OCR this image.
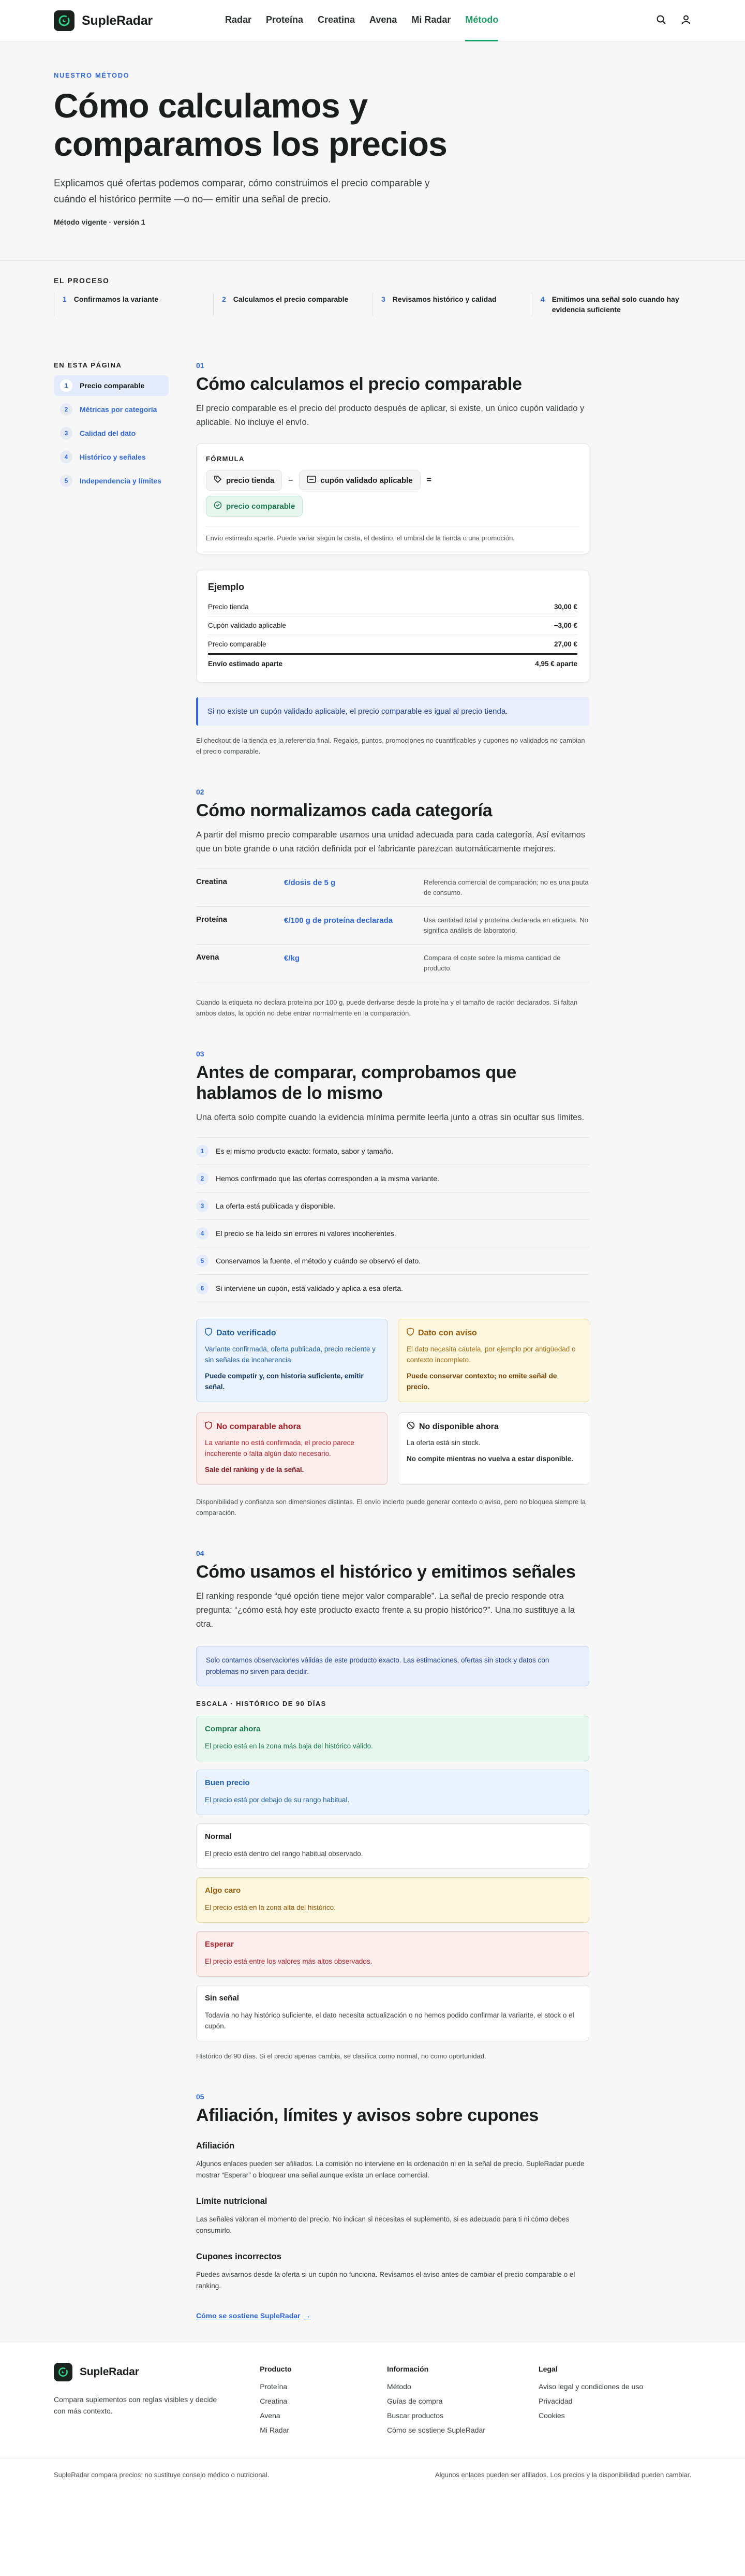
SupleRadar	Radar Proteína Creatina Avena Mi Radar Método
NUESTRO MÉTODO
Cómo calculamos y comparamos los precios

Explicamos qué ofertas podemos comparar, cómo construimos el precio comparable y cuándo el histórico permite —o no— emitir una señal de precio.

Método vigente · versión 1

EL PROCESO
1 Confirmamos la variante	2 Calculamos el precio comparable	3 Revisamos histórico y calidad	4 Emitimos una señal solo cuando hay evidencia suficiente
EN ESTA PÁGINA
1	Precio comparable
2	Métricas por categoría
3	Calidad del dato
4	Histórico y señales
5	Independencia y límites
01
Cómo calculamos el precio comparable

El precio comparable es el precio del producto después de aplicar, si existe, un único cupón validado y aplicable. No incluye el envío.

FÓRMULA
precio tienda –	cupón validado aplicable =
precio comparable

Envío estimado aparte. Puede variar según la cesta, el destino, el umbral de la tienda o una promoción.

Ejemplo
Precio tienda	30,00 €
Cupón validado aplicable	−3,00 €
Precio comparable	27,00 €
Envío estimado aparte	4,95 € aparte
Si no existe un cupón validado aplicable, el precio comparable es igual al precio tienda.

El checkout de la tienda es la referencia final. Regalos, puntos, promociones no cuantificables y cupones no validados no cambian el precio comparable.

02
Cómo normalizamos cada categoría

A partir del mismo precio comparable usamos una unidad adecuada para cada categoría. Así evitamos que un bote grande o una ración definida por el fabricante parezcan automáticamente mejores.

Creatina	€/dosis de 5 g	Referencia comercial de comparación; no es una pauta de consumo.
Proteína	€/100 g de proteína declarada	Usa cantidad total y proteína declarada en etiqueta. No significa análisis de laboratorio.
Avena	€/kg	Compara el coste sobre la misma cantidad de producto.

Cuando la etiqueta no declara proteína por 100 g, puede derivarse desde la proteína y el tamaño de ración declarados. Si faltan ambos datos, la opción no debe entrar normalmente en la comparación.

03
Antes de comparar, comprobamos que hablamos de lo mismo

Una oferta solo compite cuando la evidencia mínima permite leerla junto a otras sin ocultar sus límites.

1	Es el mismo producto exacto: formato, sabor y tamaño.
2	Hemos confirmado que las ofertas corresponden a la misma variante.
3	La oferta está publicada y disponible.
4	El precio se ha leído sin errores ni valores incoherentes.
5	Conservamos la fuente, el método y cuándo se observó el dato.
6	Si interviene un cupón, está validado y aplica a esa oferta.
Dato verificado

Variante confirmada, oferta publicada, precio reciente y sin señales de incoherencia.

Puede competir y, con historia suficiente, emitir señal.

Dato con aviso

El dato necesita cautela, por ejemplo por antigüedad o contexto incompleto.

Puede conservar contexto; no emite señal de precio.

No comparable ahora

La variante no está confirmada, el precio parece incoherente o falta algún dato necesario.

Sale del ranking y de la señal.

No disponible ahora

La oferta está sin stock.

No compite mientras no vuelva a estar disponible.

Disponibilidad y confianza son dimensiones distintas. El envío incierto puede generar contexto o aviso, pero no bloquea siempre la comparación.

04
Cómo usamos el histórico y emitimos señales

El ranking responde “qué opción tiene mejor valor comparable”. La señal de precio responde otra pregunta: “¿cómo está hoy este producto exacto frente a su propio histórico?”. Una no sustituye a la otra.

Solo contamos observaciones válidas de este producto exacto. Las estimaciones, ofertas sin stock y datos con problemas no sirven para decidir.
ESCALA · HISTÓRICO DE 90 DÍAS
Comprar ahora

El precio está en la zona más baja del histórico válido.

Buen precio

El precio está por debajo de su rango habitual.

Normal

El precio está dentro del rango habitual observado.

Algo caro

El precio está en la zona alta del histórico.

Esperar

El precio está entre los valores más altos observados.

Sin señal

Todavía no hay histórico suficiente, el dato necesita actualización o no hemos podido confirmar la variante, el stock o el cupón.

Histórico de 90 días. Si el precio apenas cambia, se clasifica como normal, no como oportunidad.

05
Afiliación, límites y avisos sobre cupones
Afiliación

Algunos enlaces pueden ser afiliados. La comisión no interviene en la ordenación ni en la señal de precio. SupleRadar puede mostrar “Esperar” o bloquear una señal aunque exista un enlace comercial.

Límite nutricional

Las señales valoran el momento del precio. No indican si necesitas el suplemento, si es adecuado para ti ni cómo debes consumirlo.

Cupones incorrectos

Puedes avisarnos desde la oferta si un cupón no funciona. Revisamos el aviso antes de cambiar el precio comparable o el ranking.

Cómo se sostiene SupleRadar →
SupleRadar

Compara suplementos con reglas visibles y decide con más contexto.

Producto
Proteína
Creatina
Avena
Mi Radar
Información
Método
Guías de compra
Buscar productos
Cómo se sostiene SupleRadar
Legal
Aviso legal y condiciones de uso
Privacidad
Cookies
SupleRadar compara precios; no sustituye consejo médico o nutricional.	Algunos enlaces pueden ser afiliados. Los precios y la disponibilidad pueden cambiar.
